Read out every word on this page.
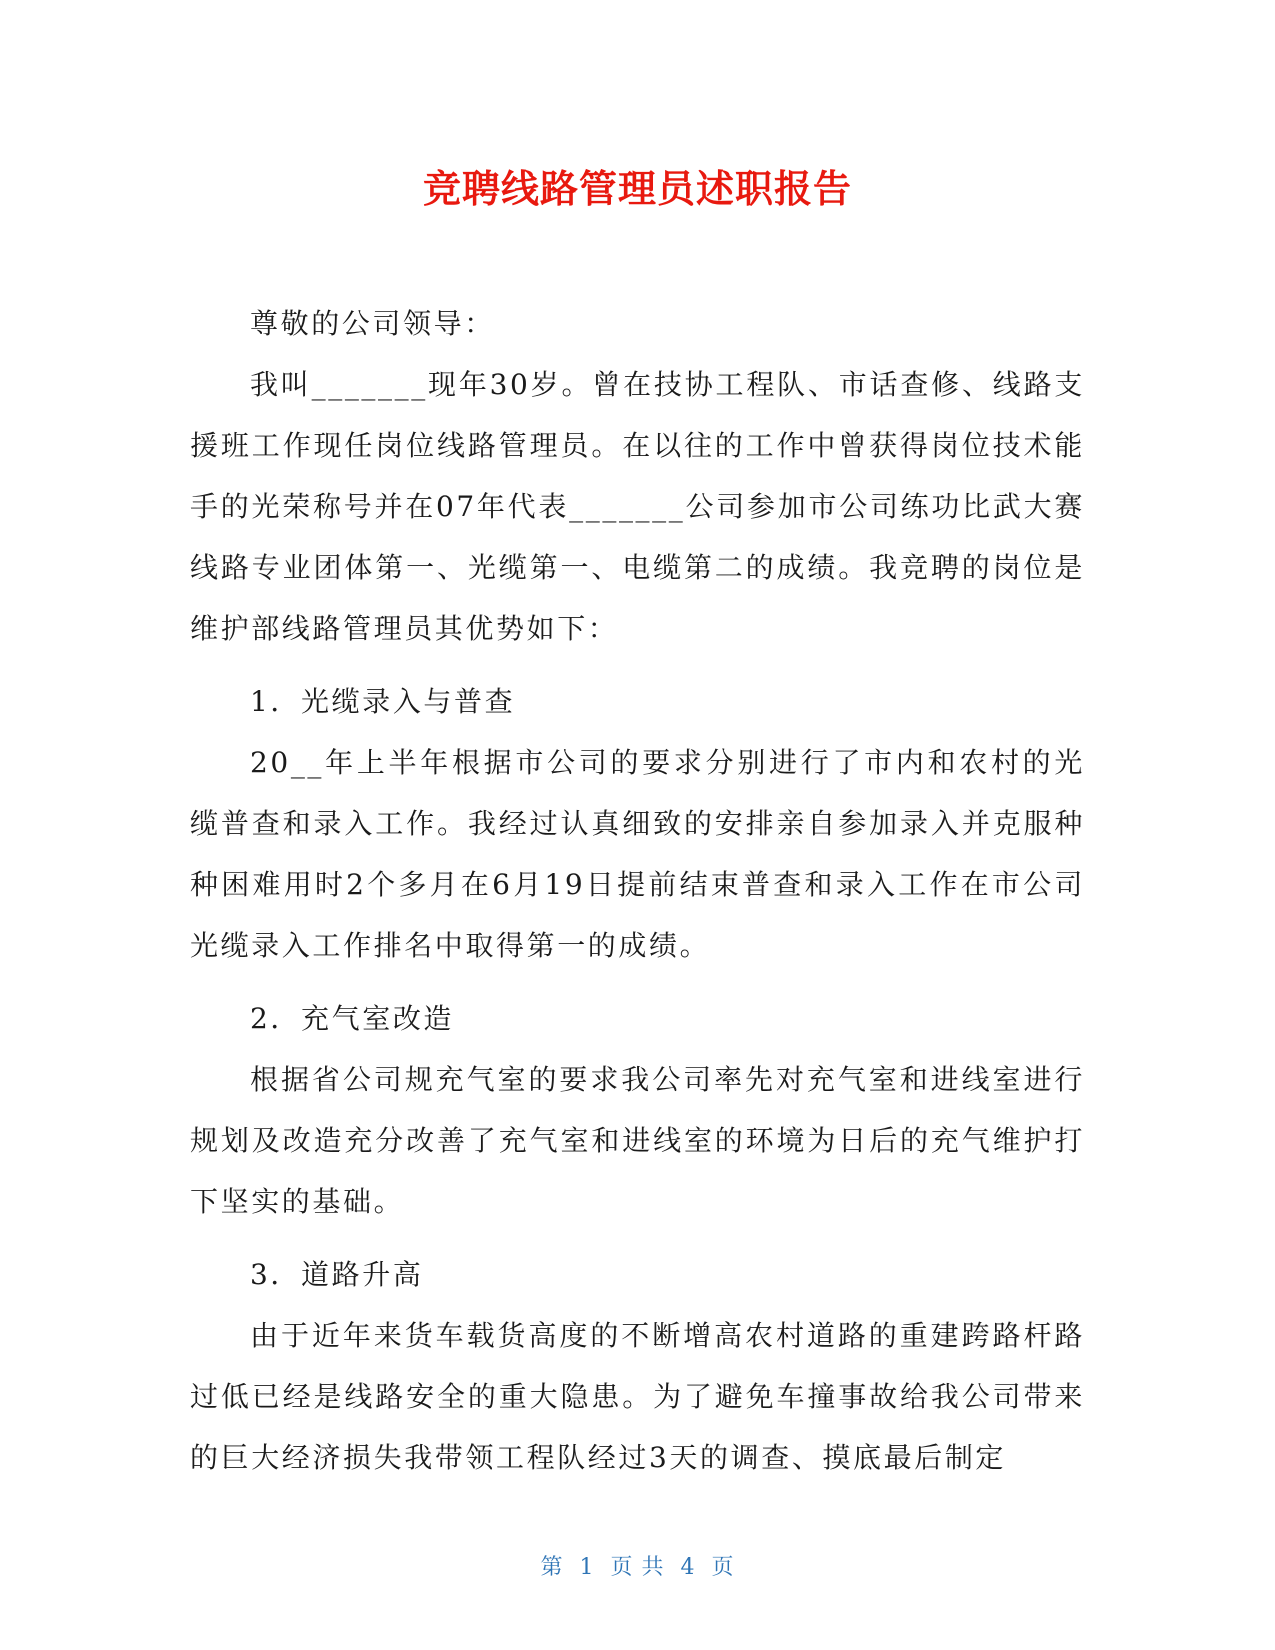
竞聘线路管理员述职报告

尊敬的公司领导：

我叫_______现年30岁。曾在技协工程队、市话查修、线路支援班工作现任岗位线路管理员。在以往的工作中曾获得岗位技术能手的光荣称号并在07年代表_______公司参加市公司练功比武大赛线路专业团体第一、光缆第一、电缆第二的成绩。我竞聘的岗位是维护部线路管理员其优势如下：

1．光缆录入与普查

20__年上半年根据市公司的要求分别进行了市内和农村的光缆普查和录入工作。我经过认真细致的安排亲自参加录入并克服种种困难用时2个多月在6月19日提前结束普查和录入工作在市公司光缆录入工作排名中取得第一的成绩。

2．充气室改造

根据省公司规充气室的要求我公司率先对充气室和进线室进行规划及改造充分改善了充气室和进线室的环境为日后的充气维护打下坚实的基础。

3．道路升高

由于近年来货车载货高度的不断增高农村道路的重建跨路杆路过低已经是线路安全的重大隐患。为了避免车撞事故给我公司带来的巨大经济损失我带领工程队经过3天的调查、摸底最后制定

第 1 页 共 4 页
